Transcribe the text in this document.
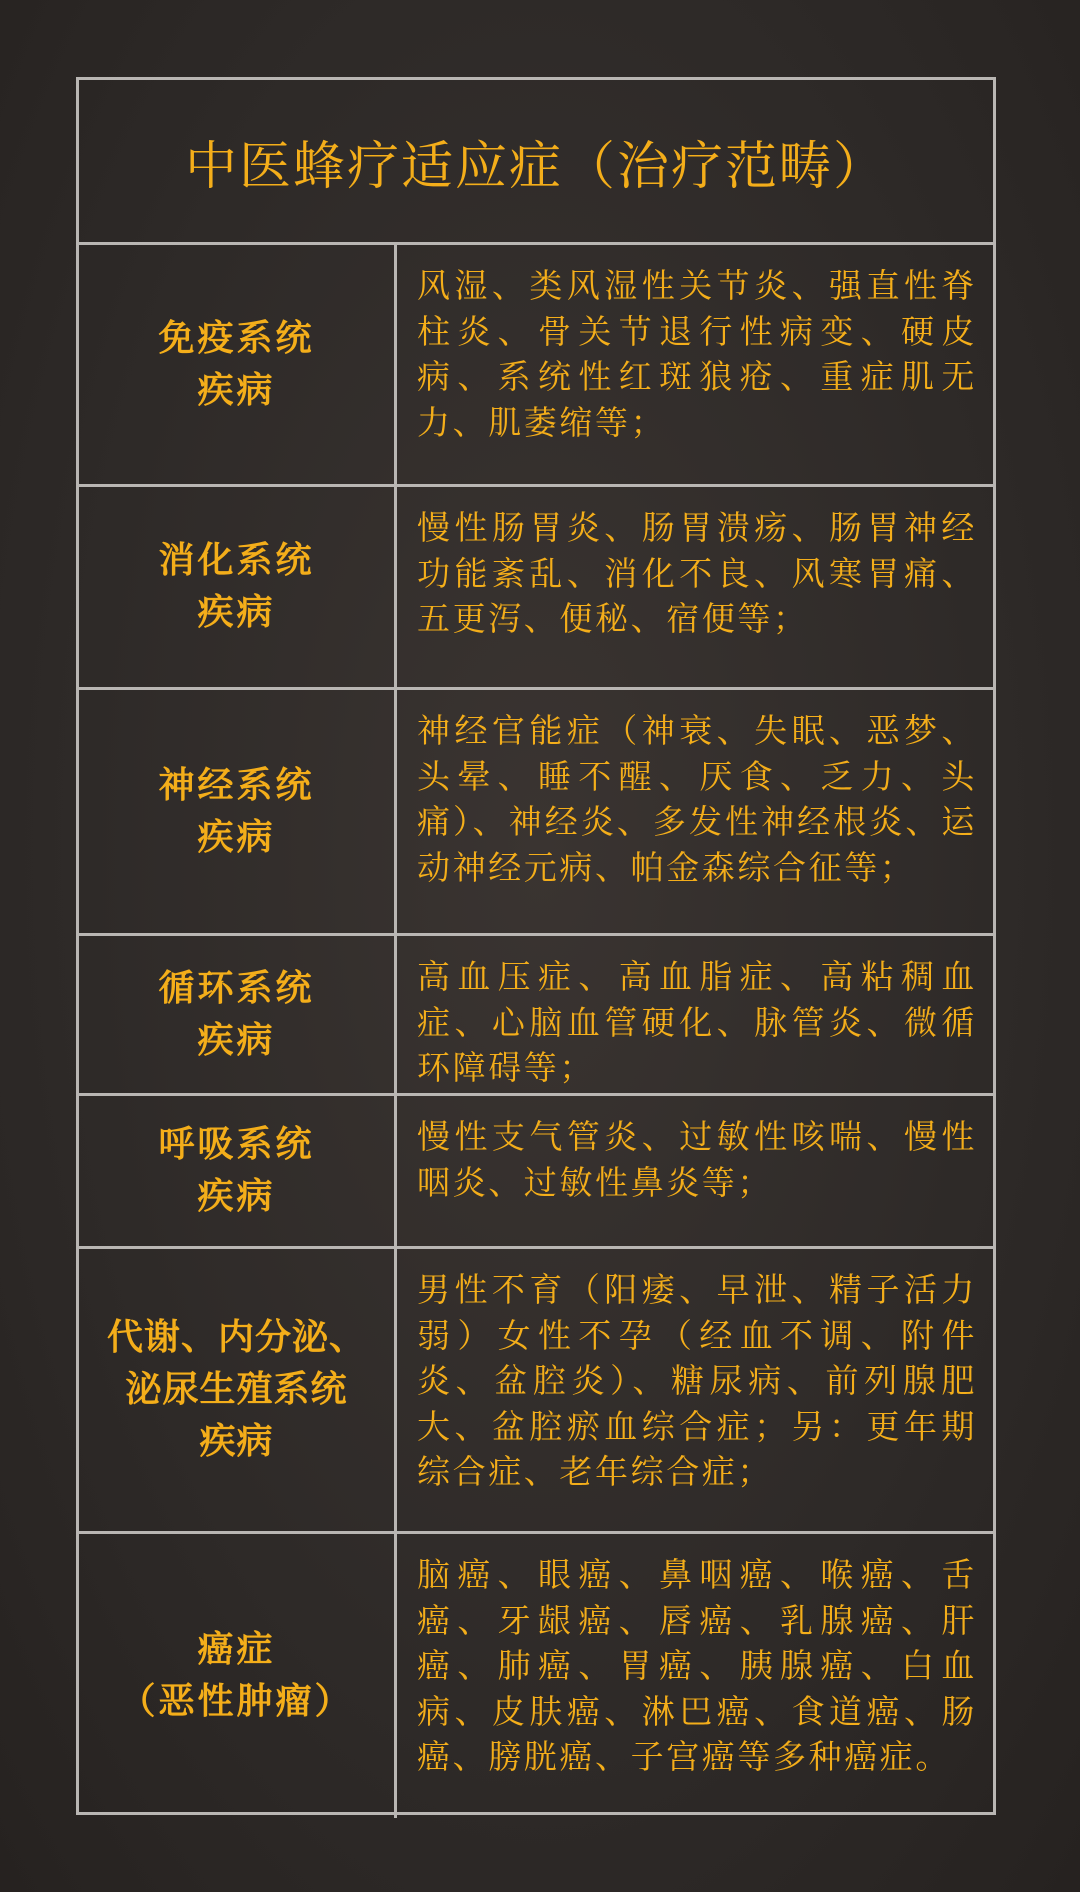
中医蜂疗适应症（治疗范畴）
免疫系统
疾病
风湿、类风湿性关节炎、强直性脊柱炎、骨关节退行性病变、硬皮病、系统性红斑狼疮、重症肌无力、肌萎缩等；
消化系统
疾病
慢性肠胃炎、肠胃溃疡、肠胃神经功能紊乱、消化不良、风寒胃痛、五更泻、便秘、宿便等；
神经系统
疾病
神经官能症（神衰、失眠、恶梦、头晕、睡不醒、厌食、乏力、头痛）、神经炎、多发性神经根炎、运动神经元病、帕金森综合征等；
循环系统
疾病
高血压症、高血脂症、高粘稠血症、心脑血管硬化、脉管炎、微循环障碍等；
呼吸系统
疾病
慢性支气管炎、过敏性咳喘、慢性咽炎、过敏性鼻炎等；
代谢、内分泌、
泌尿生殖系统
疾病
男性不育（阳痿、早泄、精子活力弱）女性不孕（经血不调、附件炎、盆腔炎）、糖尿病、前列腺肥大、盆腔瘀血综合症；另：更年期综合症、老年综合症；
癌症
（恶性肿瘤）
脑癌、眼癌、鼻咽癌、喉癌、舌癌、牙龈癌、唇癌、乳腺癌、肝癌、肺癌、胃癌、胰腺癌、白血病、皮肤癌、淋巴癌、食道癌、肠癌、膀胱癌、子宫癌等多种癌症。
